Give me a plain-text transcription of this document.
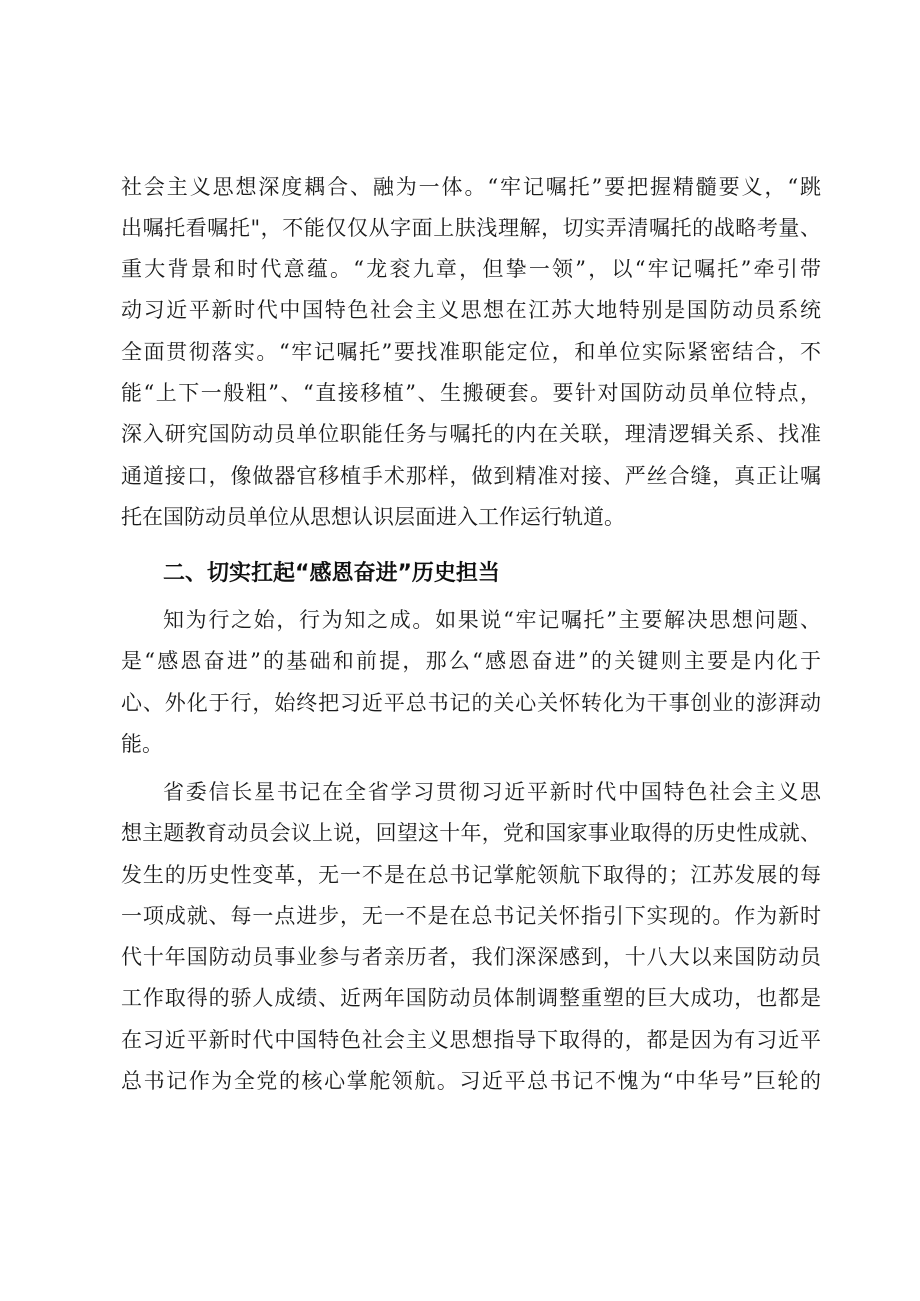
社会主义思想深度耦合、融为一体。“牢记嘱托”要把握精髓要义，“跳
出嘱托看嘱托"，不能仅仅从字面上肤浅理解，切实弄清嘱托的战略考量、
重大背景和时代意蕴。“龙衮九章，但挚一领”，以“牢记嘱托”牵引带
动习近平新时代中国特色社会主义思想在江苏大地特别是国防动员系统
全面贯彻落实。“牢记嘱托”要找准职能定位，和单位实际紧密结合，不
能“上下一般粗”、“直接移植”、生搬硬套。要针对国防动员单位特点，
深入研究国防动员单位职能任务与嘱托的内在关联，理清逻辑关系、找准
通道接口，像做器官移植手术那样，做到精准对接、严丝合缝，真正让嘱
托在国防动员单位从思想认识层面进入工作运行轨道。
二、切实扛起“感恩奋进”历史担当
知为行之始，行为知之成。如果说“牢记嘱托”主要解决思想问题、
是“感恩奋进”的基础和前提，那么“感恩奋进”的关键则主要是内化于
心、外化于行，始终把习近平总书记的关心关怀转化为干事创业的澎湃动
能。
省委信长星书记在全省学习贯彻习近平新时代中国特色社会主义思
想主题教育动员会议上说，回望这十年，党和国家事业取得的历史性成就、
发生的历史性变革，无一不是在总书记掌舵领航下取得的；江苏发展的每
一项成就、每一点进步，无一不是在总书记关怀指引下实现的。作为新时
代十年国防动员事业参与者亲历者，我们深深感到，十八大以来国防动员
工作取得的骄人成绩、近两年国防动员体制调整重塑的巨大成功，也都是
在习近平新时代中国特色社会主义思想指导下取得的，都是因为有习近平
总书记作为全党的核心掌舵领航。习近平总书记不愧为“中华号”巨轮的
